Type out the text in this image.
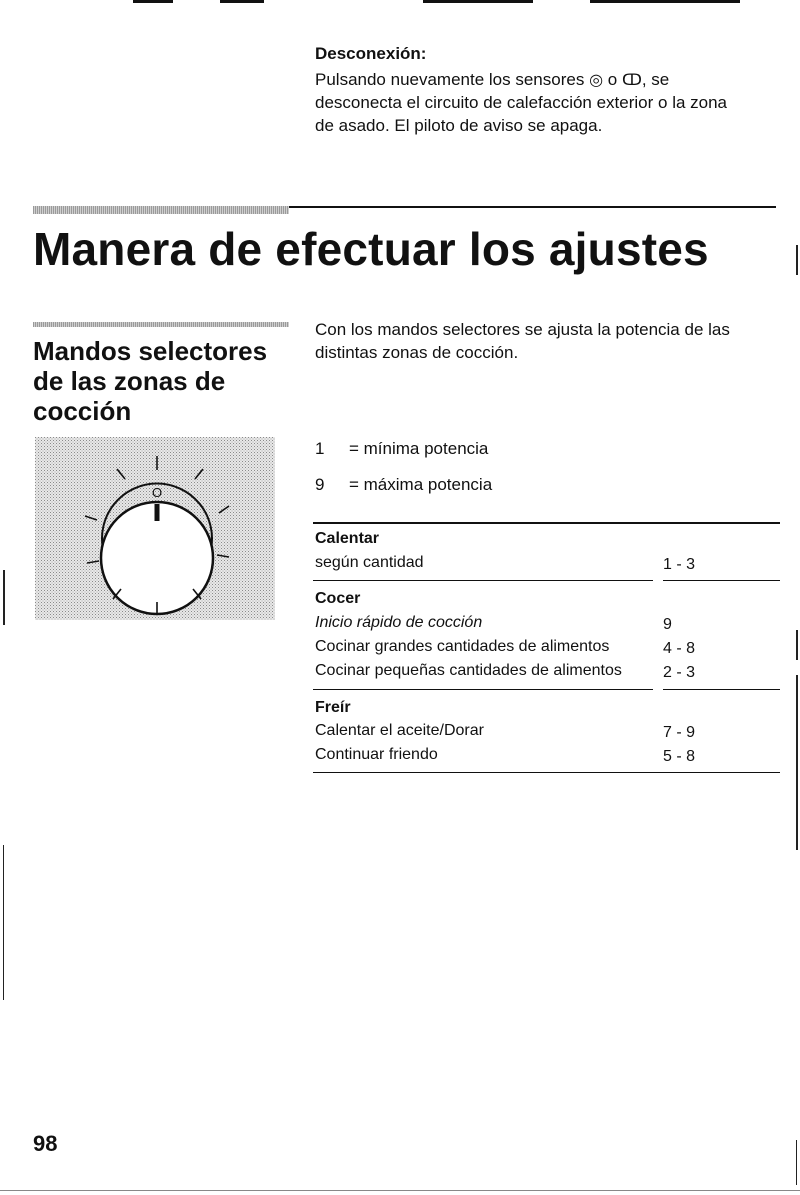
Desconexión:
Pulsando nuevamente los sensores ◎ o ↀ, se desconecta el circuito de calefacción exterior o la zona de asado. El piloto de aviso se apaga.
Manera de efectuar los ajustes
Mandos selectores de las zonas de cocción
Con los mandos selectores se ajusta la potencia de las distintas zonas de cocción.
O
1 = mínima potencia
9 = máxima potencia
Calentar
según cantidad	1 - 3
Cocer
Inicio rápido de cocción	9
Cocinar grandes cantidades de alimentos	4 - 8
Cocinar pequeñas cantidades de alimentos	2 - 3
Freír
Calentar el aceite/Dorar	7 - 9
Continuar friendo	5 - 8
98
